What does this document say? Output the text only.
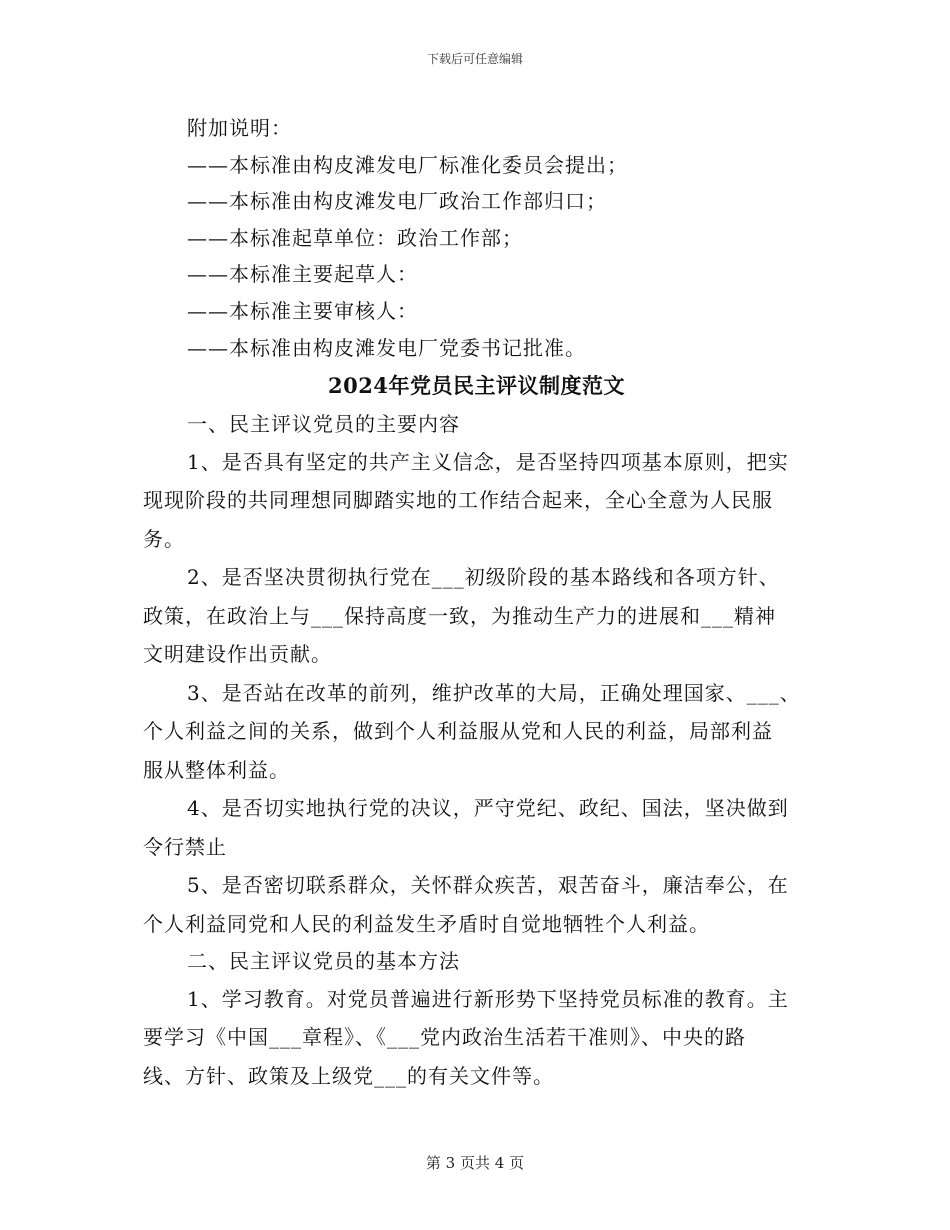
下载后可任意编辑
附加说明：
——本标准由构皮滩发电厂标准化委员会提出；
——本标准由构皮滩发电厂政治工作部归口；
——本标准起草单位：政治工作部；
——本标准主要起草人：
——本标准主要审核人：
——本标准由构皮滩发电厂党委书记批准。
2024年党员民主评议制度范文
一、民主评议党员的主要内容
1、是否具有坚定的共产主义信念，是否坚持四项基本原则，把实
现现阶段的共同理想同脚踏实地的工作结合起来，全心全意为人民服
务。
2、是否坚决贯彻执行党在___初级阶段的基本路线和各项方针、
政策，在政治上与___保持高度一致，为推动生产力的进展和___精神
文明建设作出贡献。
3、是否站在改革的前列，维护改革的大局，正确处理国家、___、
个人利益之间的关系，做到个人利益服从党和人民的利益，局部利益
服从整体利益。
4、是否切实地执行党的决议，严守党纪、政纪、国法，坚决做到
令行禁止
5、是否密切联系群众，关怀群众疾苦，艰苦奋斗，廉洁奉公，在
个人利益同党和人民的利益发生矛盾时自觉地牺牲个人利益。
二、民主评议党员的基本方法
1、学习教育。对党员普遍进行新形势下坚持党员标准的教育。主
要学习《中国___章程》、《___党内政治生活若干准则》、中央的路
线、方针、政策及上级党___的有关文件等。
第 3 页共 4 页
